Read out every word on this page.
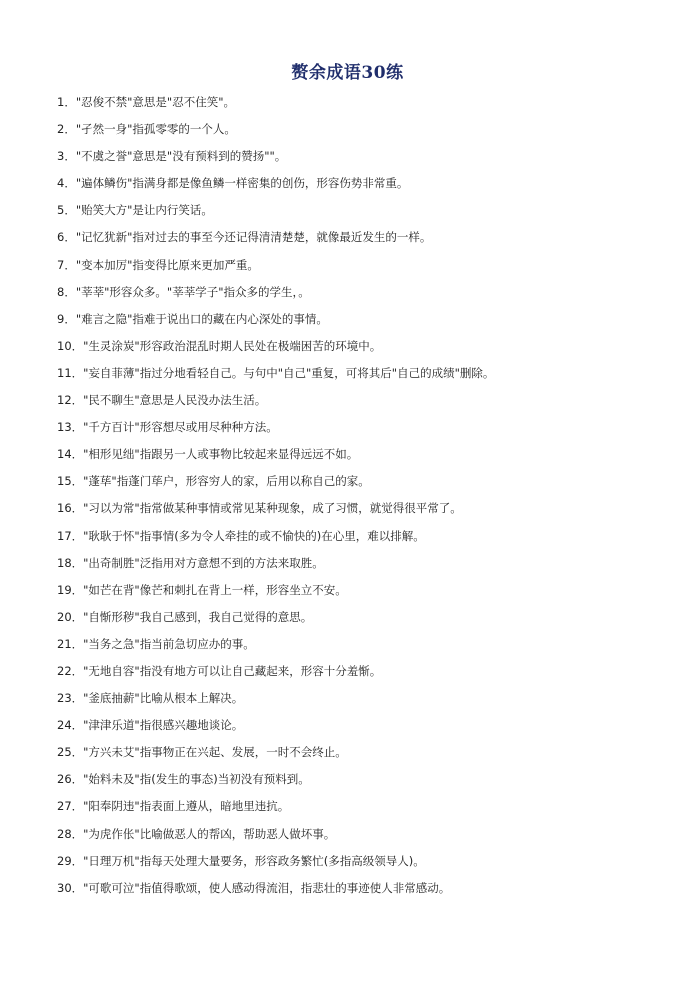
赘余成语30练
1．"忍俊不禁"意思是"忍不住笑"。
2．"孑然一身"指孤零零的一个人。
3．"不虞之誉"意思是"没有预料到的赞扬""。
4．"遍体鳞伤"指满身都是像鱼鳞一样密集的创伤，形容伤势非常重。
5．"贻笑大方"是让内行笑话。
6．"记忆犹新"指对过去的事至今还记得清清楚楚，就像最近发生的一样。
7．"变本加厉"指变得比原来更加严重。
8．"莘莘"形容众多。"莘莘学子"指众多的学生，。
9．"难言之隐"指难于说出口的藏在内心深处的事情。
10．"生灵涂炭"形容政治混乱时期人民处在极端困苦的环境中。
11．"妄自菲薄"指过分地看轻自己。与句中"自己"重复，可将其后"自己的成绩"删除。
12．"民不聊生"意思是人民没办法生活。
13．"千方百计"形容想尽或用尽种种方法。
14．"相形见绌"指跟另一人或事物比较起来显得远远不如。
15．"蓬荜"指蓬门荜户，形容穷人的家，后用以称自己的家。
16．"习以为常"指常做某种事情或常见某种现象，成了习惯，就觉得很平常了。
17．"耿耿于怀"指事情(多为令人牵挂的或不愉快的)在心里，难以排解。
18．"出奇制胜"泛指用对方意想不到的方法来取胜。
19．"如芒在背"像芒和刺扎在背上一样，形容坐立不安。
20．"自惭形秽"我自己感到，我自己觉得的意思。
21．"当务之急"指当前急切应办的事。
22．"无地自容"指没有地方可以让自己藏起来，形容十分羞惭。
23．"釜底抽薪"比喻从根本上解决。
24．"津津乐道"指很感兴趣地谈论。
25．"方兴未艾"指事物正在兴起、发展，一时不会终止。
26．"始料未及"指(发生的事态)当初没有预料到。
27．"阳奉阴违"指表面上遵从，暗地里违抗。
28．"为虎作伥"比喻做恶人的帮凶，帮助恶人做坏事。
29．"日理万机"指每天处理大量要务，形容政务繁忙(多指高级领导人)。
30．"可歌可泣"指值得歌颂，使人感动得流泪，指悲壮的事迹使人非常感动。
